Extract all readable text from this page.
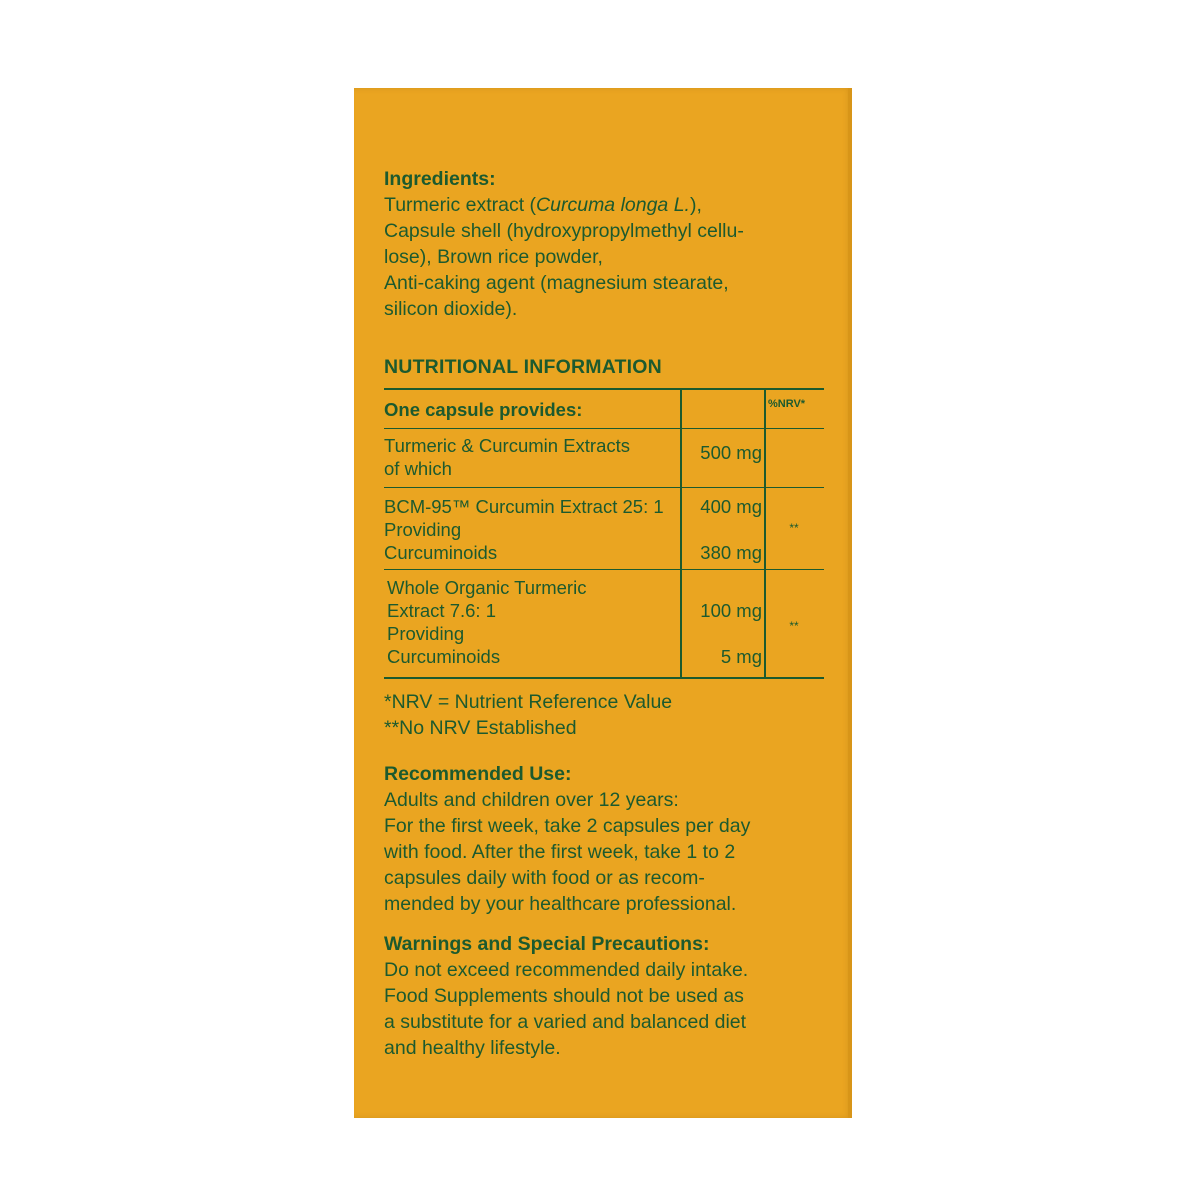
Ingredients:

Turmeric extract (Curcuma longa L.),

Capsule shell (hydroxypropylmethyl cellu-

lose), Brown rice powder,

Anti-caking agent (magnesium stearate,

silicon dioxide).

NUTRITIONAL INFORMATION

One capsule provides:	%NRV*
Turmeric & Curcumin Extracts
of which
500 mg
BCM-95™ Curcumin Extract 25: 1
Providing
Curcuminoids
400 mg
380 mg
**
Whole Organic Turmeric
Extract 7.6: 1
Providing
Curcuminoids
100 mg
5 mg
**

*NRV = Nutrient Reference Value

**No NRV Established

Recommended Use:

Adults and children over 12 years:

For the first week, take 2 capsules per day

with food. After the first week, take 1 to 2

capsules daily with food or as recom-

mended by your healthcare professional.

Warnings and Special Precautions:

Do not exceed recommended daily intake.

Food Supplements should not be used as

a substitute for a varied and balanced diet

and healthy lifestyle.
